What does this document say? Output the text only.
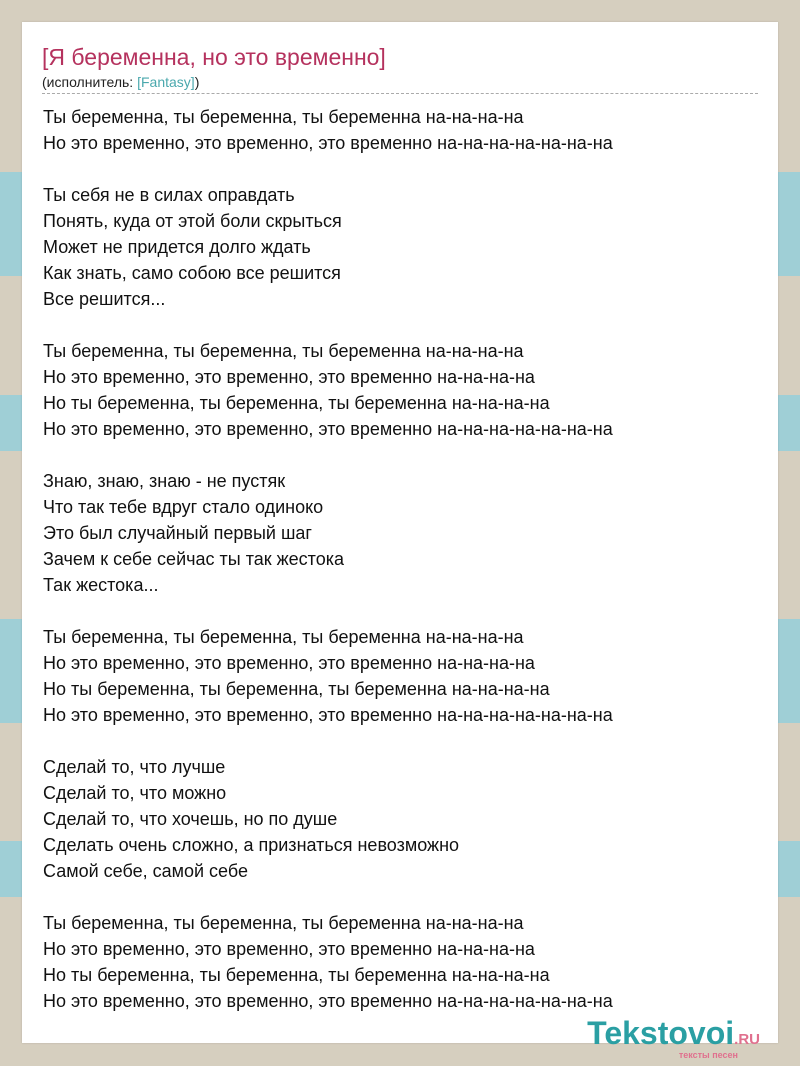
[Я беременна, но это временно]
(исполнитель: [Fantasy])
Ты беременна, ты беременна, ты беременна на-на-на-на
Но это временно, это временно, это временно на-на-на-на-на-на-на
Ты себя не в силах оправдать
Понять, куда от этой боли скрыться
Может не придется долго ждать
Как знать, само собою все решится
Все решится...
Ты беременна, ты беременна, ты беременна на-на-на-на
Но это временно, это временно, это временно на-на-на-на
Но ты беременна, ты беременна, ты беременна на-на-на-на
Но это временно, это временно, это временно на-на-на-на-на-на-на
Знаю, знаю, знаю - не пустяк
Что так тебе вдруг стало одиноко
Это был случайный первый шаг
Зачем к себе сейчас ты так жестока
Так жестока...
Ты беременна, ты беременна, ты беременна на-на-на-на
Но это временно, это временно, это временно на-на-на-на
Но ты беременна, ты беременна, ты беременна на-на-на-на
Но это временно, это временно, это временно на-на-на-на-на-на-на
Сделай то, что лучше
Сделай то, что можно
Сделай то, что хочешь, но по душе
Сделать очень сложно, а признаться невозможно
Самой себе, самой себе
Ты беременна, ты беременна, ты беременна на-на-на-на
Но это временно, это временно, это временно на-на-на-на
Но ты беременна, ты беременна, ты беременна на-на-на-на
Но это временно, это временно, это временно на-на-на-на-на-на-на
Tekstovoi.RU
тексты песен
